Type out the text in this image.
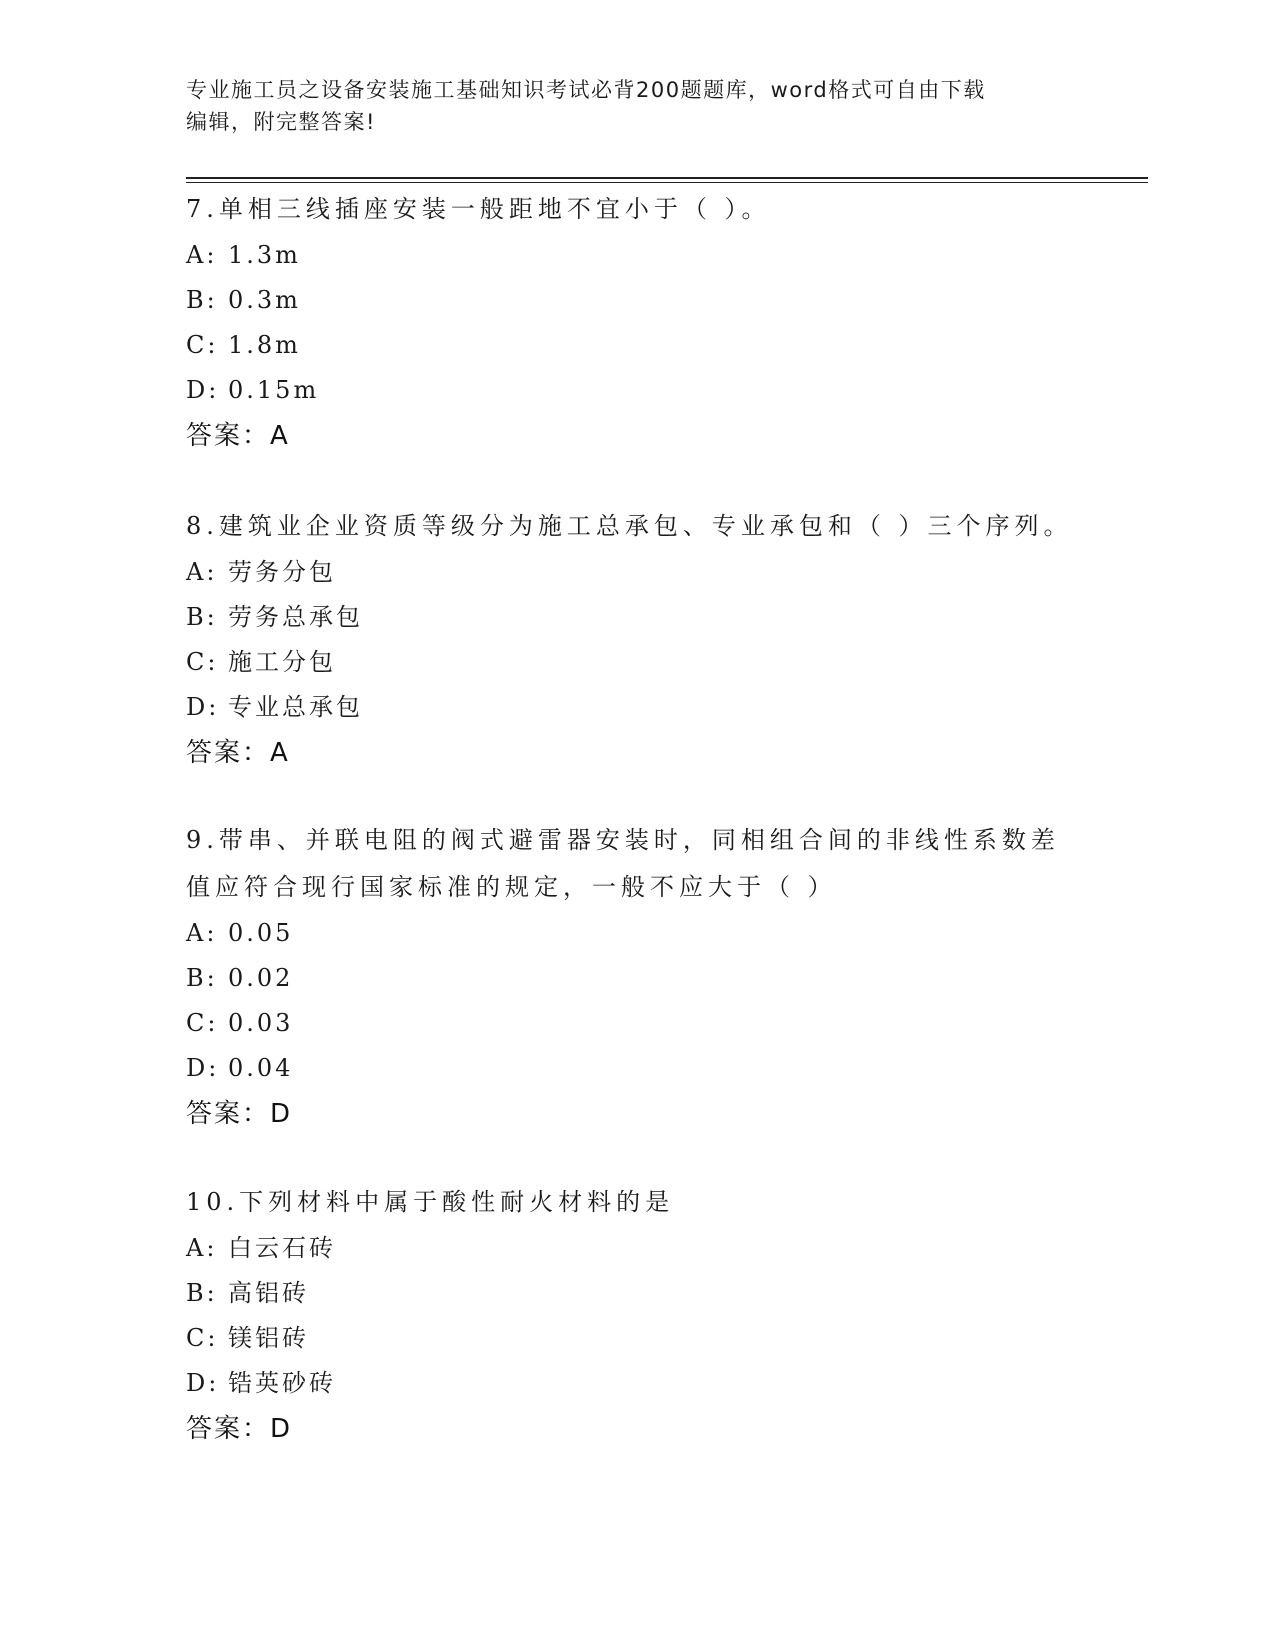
专业施工员之设备安装施工基础知识考试必背200题题库，word格式可自由下载
编辑，附完整答案!

7.单相三线插座安装一般距地不宜小于（ ）。

A: 1.3m

B: 0.3m

C: 1.8m

D: 0.15m

答案：A

8.建筑业企业资质等级分为施工总承包、专业承包和（ ）三个序列。

A: 劳务分包

B: 劳务总承包

C: 施工分包

D: 专业总承包

答案：A

9.带串、并联电阻的阀式避雷器安装时，同相组合间的非线性系数差

值应符合现行国家标准的规定，一般不应大于（ ）

A: 0.05

B: 0.02

C: 0.03

D: 0.04

答案：D

10.下列材料中属于酸性耐火材料的是

A: 白云石砖

B: 高铝砖

C: 镁铝砖

D: 锆英砂砖

答案：D
